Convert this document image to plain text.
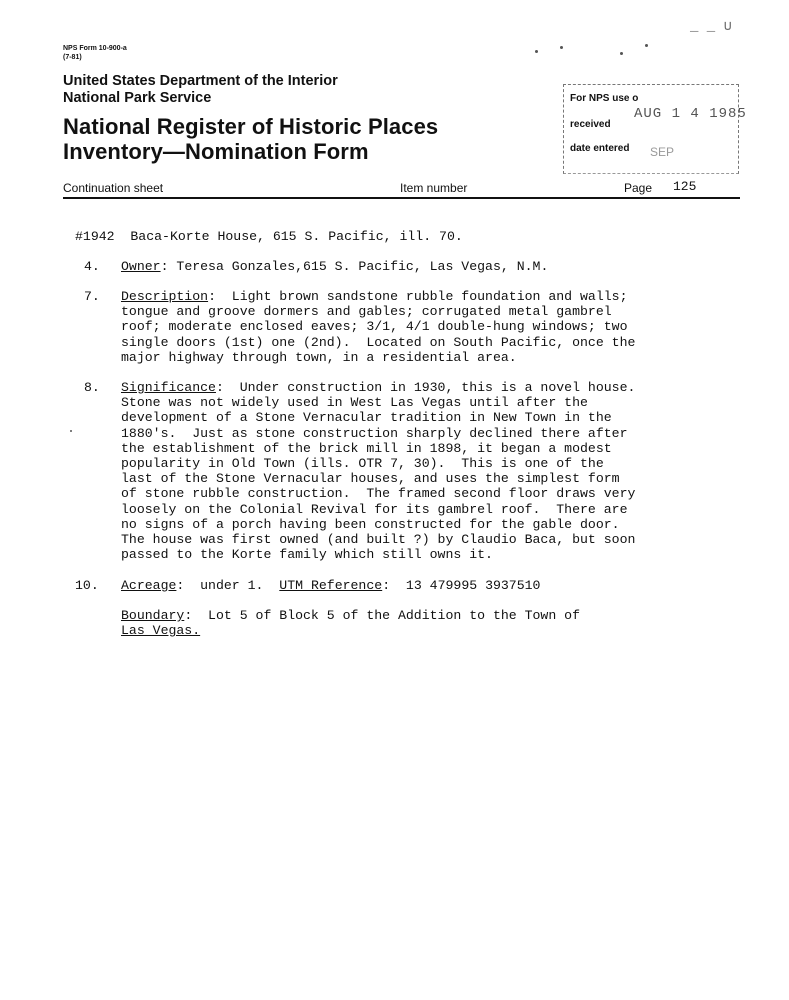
NPS Form 10-900-a
(7-81)
_ _ ∪
United States Department of the Interior
National Park Service
National Register of Historic Places
Inventory—Nomination Form
For NPS use o
received
date entered SEP
AUG 1 4 1985
Continuation sheet	Item number	Page 125
#1942  Baca-Korte House, 615 S. Pacific, ill. 70.
4. Owner: Teresa Gonzales,615 S. Pacific, Las Vegas, N.M.
7. Description:  Light brown sandstone rubble foundation and walls;
tongue and groove dormers and gables; corrugated metal gambrel
roof; moderate enclosed eaves; 3/1, 4/1 double-hung windows; two
single doors (1st) one (2nd).  Located on South Pacific, once the
major highway through town, in a residential area.
8. Significance:  Under construction in 1930, this is a novel house.
Stone was not widely used in West Las Vegas until after the
development of a Stone Vernacular tradition in New Town in the
1880's.  Just as stone construction sharply declined there after
the establishment of the brick mill in 1898, it began a modest
popularity in Old Town (ills. OTR 7, 30).  This is one of the
last of the Stone Vernacular houses, and uses the simplest form
of stone rubble construction.  The framed second floor draws very
loosely on the Colonial Revival for its gambrel roof.  There are
no signs of a porch having been constructed for the gable door.
The house was first owned (and built ?) by Claudio Baca, but soon
passed to the Korte family which still owns it.
10. Acreage:  under 1.  UTM Reference:  13 479995 3937510
Boundary:  Lot 5 of Block 5 of the Addition to the Town of
Las Vegas.
